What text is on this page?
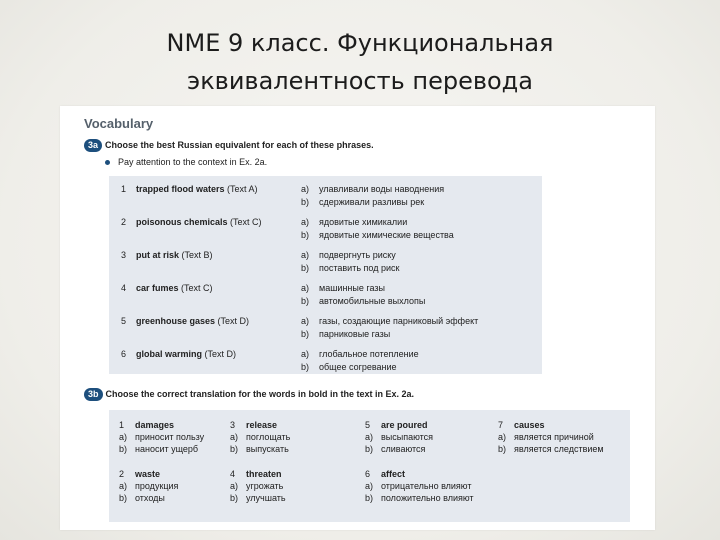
NME 9 класс. Функциональная
эквивалентность перевода
Vocabulary
3a Choose the best Russian equivalent for each of these phrases.
Pay attention to the context in Ex. 2a.
1 trapped flood waters (Text A)	a) улавливали воды наводнения
b) сдерживали разливы рек
2 poisonous chemicals (Text C)	a) ядовитые химикалии
b) ядовитые химические вещества
3 put at risk (Text B)	a) подвергнуть риску
b) поставить под риск
4 car fumes (Text C)	a) машинные газы
b) автомобильные выхлопы
5 greenhouse gases (Text D)	a) газы, создающие парниковый эффект
b) парниковые газы
6 global warming (Text D)	a) глобальное потепление
b) общее согревание
3b Choose the correct translation for the words in bold in the text in Ex. 2a.
1 damages
a) приносит пользу
b) наносит ущерб
2 waste
a) продукция
b) отходы
3 release
a) поглощать
b) выпускать
4 threaten
a) угрожать
b) улучшать
5 are poured
a) высыпаются
b) сливаются
6 affect
a) отрицательно влияют
b) положительно влияют
7 causes
a) является причиной
b) является следствием
